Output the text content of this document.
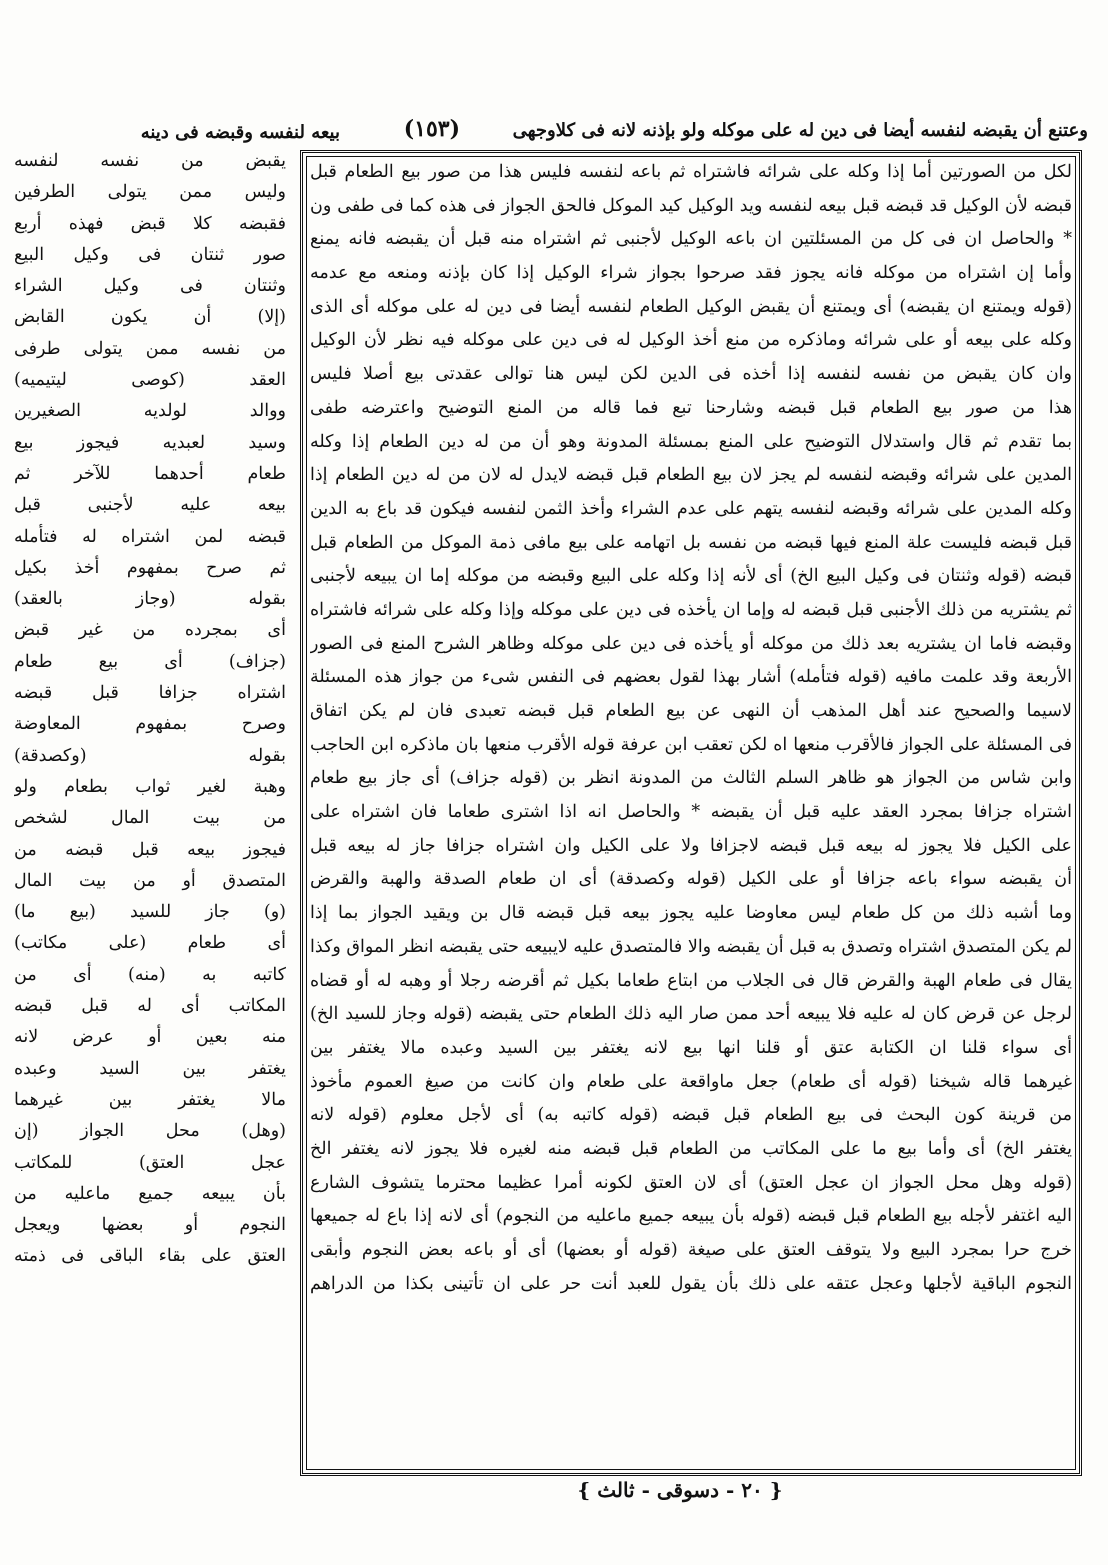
وعتنع أن يقبضه لنفسه أيضا فى دين له على موكله ولو بإذنه لانه فى كلاوجهى
(١٥٣)
بيعه لنفسه وقبضه فى دينه
لكل من الصورتين أما إذا وكله على شرائه فاشتراه ثم باعه لنفسه فليس هذا من صور بيع الطعام قبل
قبضه لأن الوكيل قد قبضه قبل بيعه لنفسه ويد الوكيل كيد الموكل فالحق الجواز فى هذه كما فى طفى ون
* والحاصل ان فى كل من المسئلتين ان باعه الوكيل لأجنبى ثم اشتراه منه قبل أن يقبضه فانه يمنع
وأما إن اشتراه من موكله فانه يجوز فقد صرحوا بجواز شراء الوكيل إذا كان بإذنه ومنعه مع عدمه
(قوله ويمتنع ان يقبضه) أى ويمتنع أن يقبض الوكيل الطعام لنفسه أيضا فى دين له على موكله أى الذى
وكله على بيعه أو على شرائه وماذكره من منع أخذ الوكيل له فى دين على موكله فيه نظر لأن الوكيل
وان كان يقبض من نفسه لنفسه إذا أخذه فى الدين لكن ليس هنا توالى عقدتى بيع أصلا فليس
هذا من صور بيع الطعام قبل قبضه وشارحنا تبع فما قاله من المنع التوضيح واعترضه طفى
بما تقدم ثم قال واستدلال التوضيح على المنع بمسئلة المدونة وهو أن من له دين الطعام إذا وكله
المدين على شرائه وقبضه لنفسه لم يجز لان بيع الطعام قبل قبضه لايدل له لان من له دين الطعام إذا
وكله المدين على شرائه وقبضه لنفسه يتهم على عدم الشراء وأخذ الثمن لنفسه فيكون قد باع به الدين
قبل قبضه فليست علة المنع فيها قبضه من نفسه بل اتهامه على بيع مافى ذمة الموكل من الطعام قبل
قبضه (قوله وثنتان فى وكيل البيع الخ) أى لأنه إذا وكله على البيع وقبضه من موكله إما ان يبيعه لأجنبى
ثم يشتريه من ذلك الأجنبى قبل قبضه له وإما ان يأخذه فى دين على موكله وإذا وكله على شرائه فاشتراه
وقبضه فاما ان يشتريه بعد ذلك من موكله أو يأخذه فى دين على موكله وظاهر الشرح المنع فى الصور
الأربعة وقد علمت مافيه (قوله فتأمله) أشار بهذا لقول بعضهم فى النفس شىء من جواز هذه المسئلة
لاسيما والصحيح عند أهل المذهب أن النهى عن بيع الطعام قبل قبضه تعبدى فان لم يكن اتفاق
فى المسئلة على الجواز فالأقرب منعها اه لكن تعقب ابن عرفة قوله الأقرب منعها بان ماذكره ابن الحاجب
وابن شاس من الجواز هو ظاهر السلم الثالث من المدونة انظر بن (قوله جزاف) أى جاز بيع طعام
اشتراه جزافا بمجرد العقد عليه قبل أن يقبضه * والحاصل انه اذا اشترى طعاما فان اشتراه على
على الكيل فلا يجوز له بيعه قبل قبضه لاجزافا ولا على الكيل وان اشتراه جزافا جاز له بيعه قبل
أن يقبضه سواء باعه جزافا أو على الكيل (قوله وكصدقة) أى ان طعام الصدقة والهبة والقرض
وما أشبه ذلك من كل طعام ليس معاوضا عليه يجوز بيعه قبل قبضه قال بن ويقيد الجواز بما إذا
لم يكن المتصدق اشتراه وتصدق به قبل أن يقبضه والا فالمتصدق عليه لايبيعه حتى يقبضه انظر المواق وكذا
يقال فى طعام الهبة والقرض قال فى الجلاب من ابتاع طعاما بكيل ثم أقرضه رجلا أو وهبه له أو قضاه
لرجل عن قرض كان له عليه فلا يبيعه أحد ممن صار اليه ذلك الطعام حتى يقبضه (قوله وجاز للسيد الخ)
أى سواء قلنا ان الكتابة عتق أو قلنا انها بيع لانه يغتفر بين السيد وعبده مالا يغتفر بين
غيرهما قاله شيخنا (قوله أى طعام) جعل ماواقعة على طعام وان كانت من صيغ العموم مأخوذ
من قرينة كون البحث فى بيع الطعام قبل قبضه (قوله كاتبه به) أى لأجل معلوم (قوله لانه
يغتفر الخ) أى وأما بيع ما على المكاتب من الطعام قبل قبضه منه لغيره فلا يجوز لانه يغتفر الخ
(قوله وهل محل الجواز ان عجل العتق) أى لان العتق لكونه أمرا عظيما محترما يتشوف الشارع
اليه اغتفر لأجله بيع الطعام قبل قبضه (قوله بأن يبيعه جميع ماعليه من النجوم) أى لانه إذا باع له جميعها
خرج حرا بمجرد البيع ولا يتوقف العتق على صيغة (قوله أو بعضها) أى أو باعه بعض النجوم وأبقى
النجوم الباقية لأجلها وعجل عتقه على ذلك بأن يقول للعبد أنت حر على ان تأتينى بكذا من الدراهم
يقبض من نفسه لنفسه
وليس ممن يتولى الطرفين
فقبضه كلا قبض فهذه أربع
صور ثنتان فى وكيل البيع
وثنتان فى وكيل الشراء
(إلا) أن يكون القابض
من نفسه ممن يتولى طرفى
العقد (كوصى ليتيميه)
ووالد لولديه الصغيرين
وسيد لعبديه فيجوز بيع
طعام أحدهما للآخر ثم
بيعه عليه لأجنبى قبل
قبضه لمن اشتراه له فتأمله
ثم صرح بمفهوم أخذ بكيل
بقوله (وجاز بالعقد)
أى بمجرده من غير قبض
(جزاف) أى بيع طعام
اشتراه جزافا قبل قبضه
وصرح بمفهوم المعاوضة
بقوله (وكصدقة)
وهبة لغير ثواب بطعام ولو
من بيت المال لشخص
فيجوز بيعه قبل قبضه من
المتصدق أو من بيت المال
(و) جاز للسيد (بيع ما)
أى طعام (على مكاتب)
كاتبه به (منه) أى من
المكاتب أى له قبل قبضه
منه بعين أو عرض لانه
يغتفر بين السيد وعبده
مالا يغتفر بين غيرهما
(وهل) محل الجواز (إن
عجل العتق) للمكاتب
بأن يبيعه جميع ماعليه من
النجوم أو بعضها ويعجل
العتق على بقاء الباقى فى ذمته
{ ٢٠ - دسوقى - ثالث }
